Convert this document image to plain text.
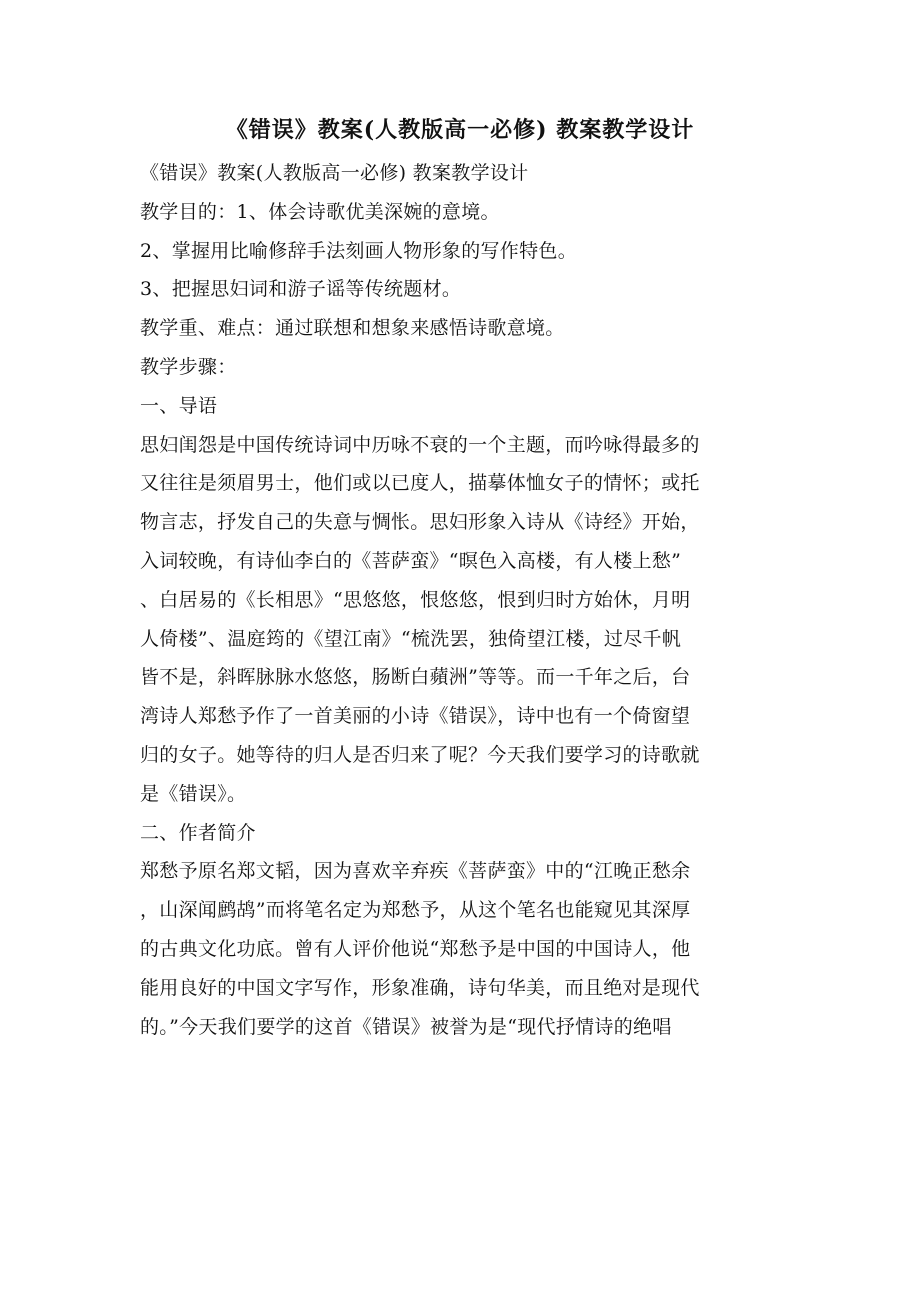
《错误》教案(人教版高一必修) 教案教学设计
《错误》教案(人教版高一必修) 教案教学设计
教学目的：1、体会诗歌优美深婉的意境。
2、掌握用比喻修辞手法刻画人物形象的写作特色。
3、把握思妇词和游子谣等传统题材。
教学重、难点：通过联想和想象来感悟诗歌意境。
教学步骤：
一、导语
思妇闺怨是中国传统诗词中历咏不衰的一个主题，而吟咏得最多的
又往往是须眉男士，他们或以已度人，描摹体恤女子的情怀；或托
物言志，抒发自己的失意与惆怅。思妇形象入诗从《诗经》开始，
入词较晚，有诗仙李白的《菩萨蛮》“暝色入高楼，有人楼上愁”
、白居易的《长相思》“思悠悠，恨悠悠，恨到归时方始休，月明
人倚楼”、温庭筠的《望江南》“梳洗罢，独倚望江楼，过尽千帆
皆不是，斜晖脉脉水悠悠，肠断白蘋洲”等等。而一千年之后，台
湾诗人郑愁予作了一首美丽的小诗《错误》，诗中也有一个倚窗望
归的女子。她等待的归人是否归来了呢？今天我们要学习的诗歌就
是《错误》。
二、作者简介
郑愁予原名郑文韬，因为喜欢辛弃疾《菩萨蛮》中的“江晚正愁余
，山深闻鹧鸪”而将笔名定为郑愁予，从这个笔名也能窥见其深厚
的古典文化功底。曾有人评价他说“郑愁予是中国的中国诗人，他
能用良好的中国文字写作，形象准确，诗句华美，而且绝对是现代
的。”今天我们要学的这首《错误》被誉为是“现代抒情诗的绝唱
